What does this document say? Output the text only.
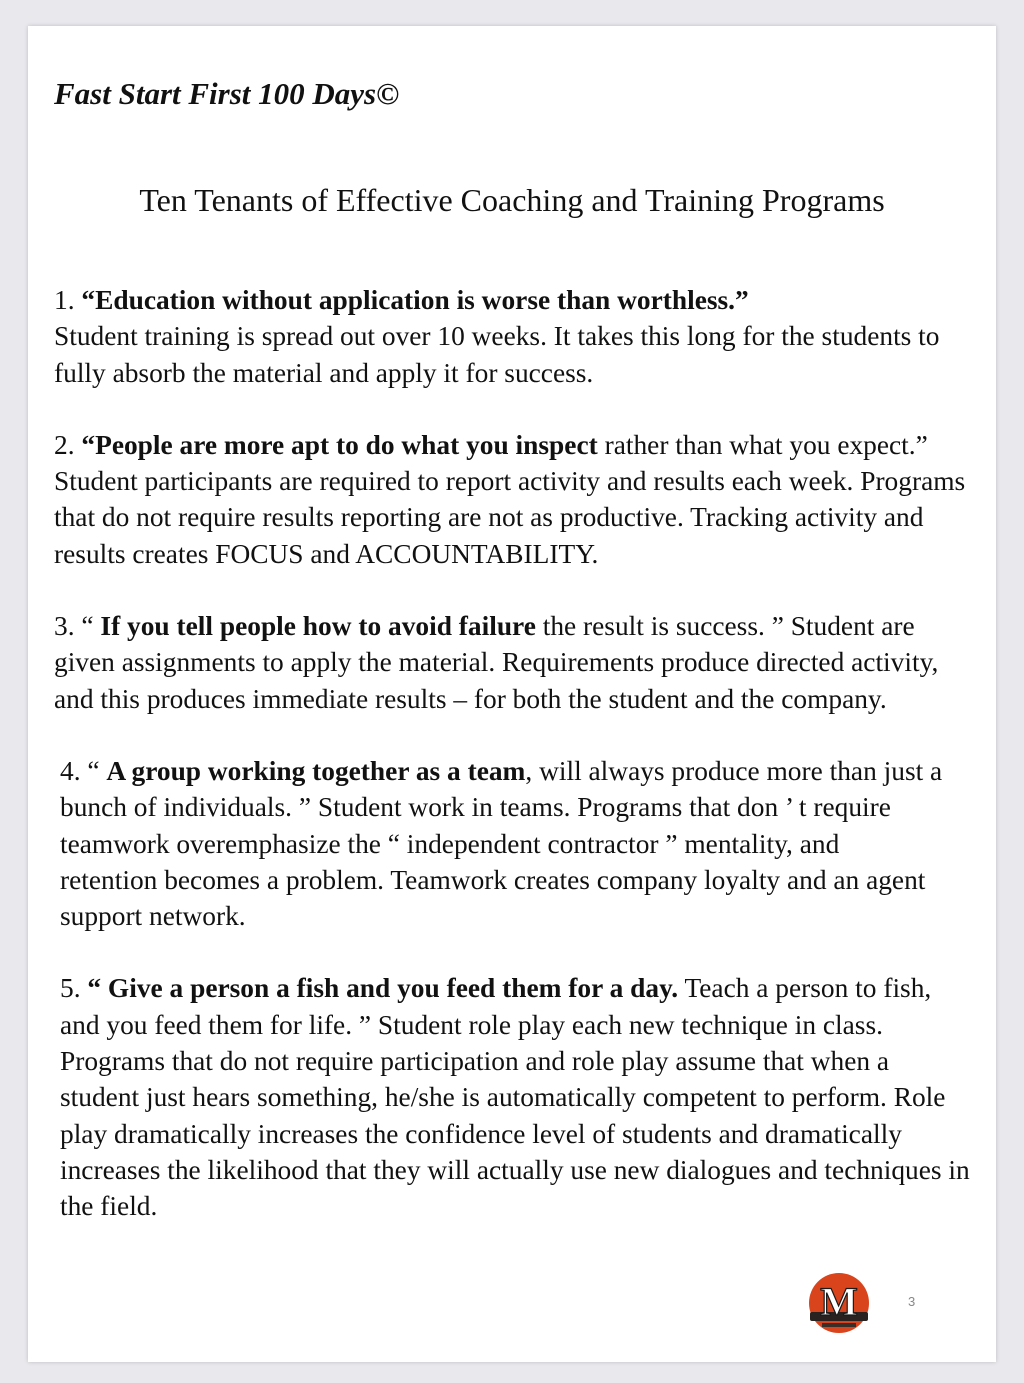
Fast Start First 100 Days©
Ten Tenants of Effective Coaching and Training Programs

1. “Education without application is worse than worthless.”
Student training is spread out over 10 weeks. It takes this long for the students to fully absorb the material and apply it for success.

2. “People are more apt to do what you inspect rather than what you expect.”
Student participants are required to report activity and results each week. Programs that do not require results reporting are not as productive. Tracking activity and results creates FOCUS and ACCOUNTABILITY.

3. “ If you tell people how to avoid failure the result is success. ” Student are given assignments to apply the material. Requirements produce directed activity, and this produces immediate results – for both the student and the company.

4. “ A group working together as a team, will always produce more than just a bunch of individuals. ” Student work in teams. Programs that don ’ t require teamwork overemphasize the “ independent contractor ” mentality, andretention becomes a problem. Teamwork creates company loyalty and an agent support network.

5. “ Give a person a fish and you feed them for a day. Teach a person to fish, and you feed them for life. ” Student role play each new technique in class. Programs that do not require participation and role play assume that when a student just hears something, he/she is automatically competent to perform. Role play dramatically increases the confidence level of students and dramatically increases the likelihood that they will actually use new dialogues and techniques in the field.

M	3
